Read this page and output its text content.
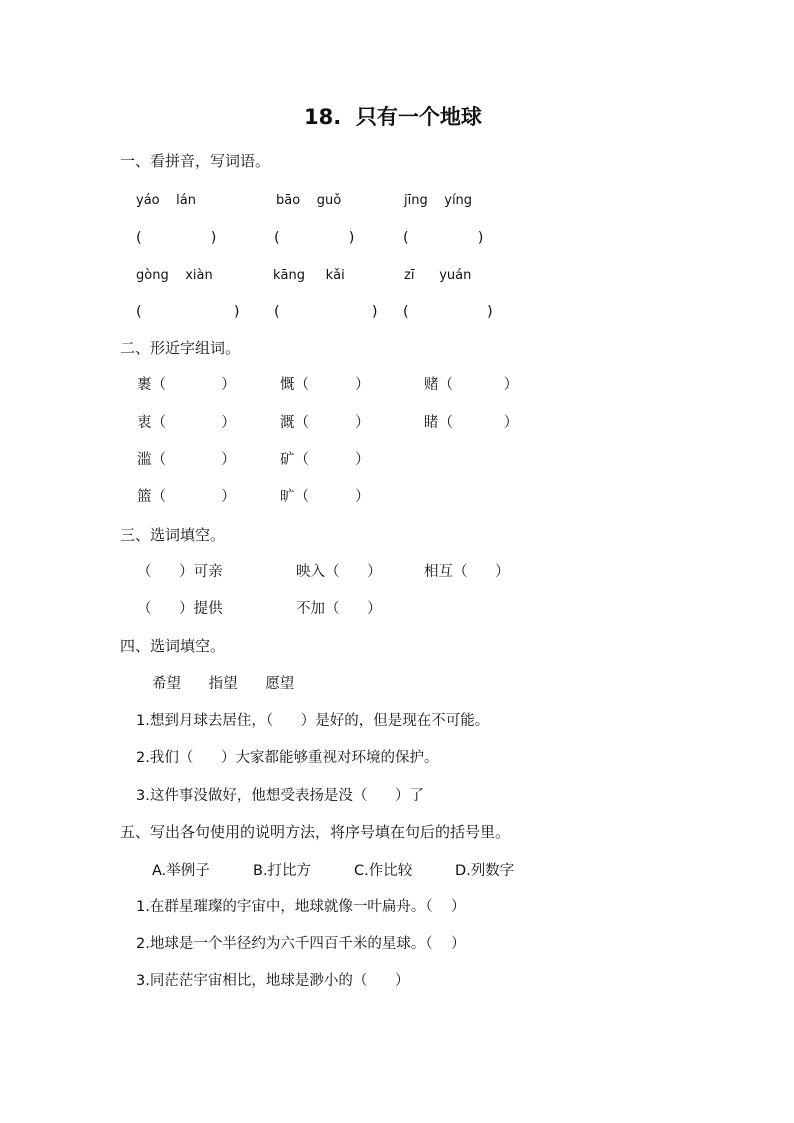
18.  只有一个地球
一、看拼音，写词语。
yáo    lán	bāo    guǒ	jīng    yíng
(               )	(               )	(               )
gòng    xiàn	kāng     kǎi	zī      yuán
(                    ) (                    ) (                 )
二、形近字组词。
裹（            ）	慨（          ）	赌（           ）
衷（            ）	溉（          ）	睹（           ）
滥（            ）	矿（          ）
篮（            ）	旷（          ）
三、选词填空。
（      ）可亲	映入（      ）	相互（      ）
（      ）提供	不加（      ）
四、选词填空。
希望      指望      愿望
1.想到月球去居住，（      ）是好的，但是现在不可能。
2.我们（      ）大家都能够重视对环境的保护。
3.这件事没做好，他想受表扬是没（      ）了
五、写出各句使用的说明方法，将序号填在句后的括号里。
A.举例子	B.打比方	C.作比较	D.列数字
1.在群星璀璨的宇宙中，地球就像一叶扁舟。（    ）
2.地球是一个半径约为六千四百千米的星球。（    ）
3.同茫茫宇宙相比，地球是渺小的（      ）
